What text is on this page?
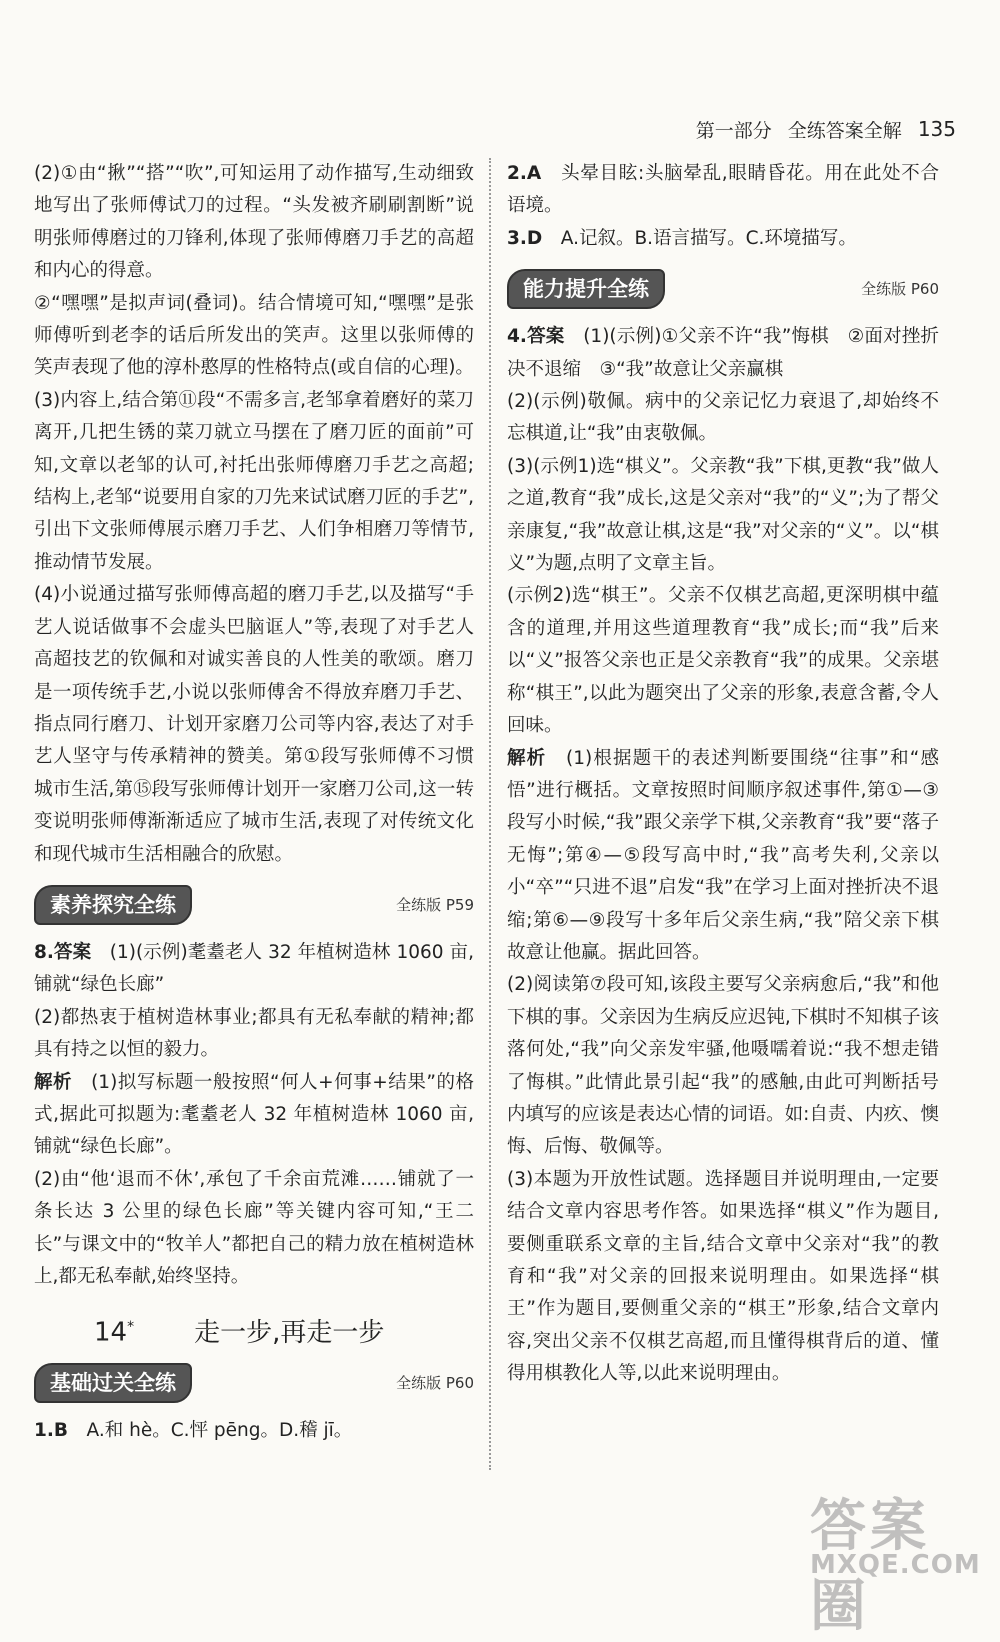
第一部分 全练答案全解 135

(2)①由“揪”“搭”“吹”,可知运用了动作描写,生动细致地写出了张师傅试刀的过程。“头发被齐刷刷割断”说明张师傅磨过的刀锋利,体现了张师傅磨刀手艺的高超和内心的得意。

②“嘿嘿”是拟声词(叠词)。结合情境可知,“嘿嘿”是张师傅听到老李的话后所发出的笑声。这里以张师傅的笑声表现了他的淳朴憨厚的性格特点(或自信的心理)。

(3)内容上,结合第⑪段“不需多言,老邹拿着磨好的菜刀离开,几把生锈的菜刀就立马摆在了磨刀匠的面前”可知,文章以老邹的认可,衬托出张师傅磨刀手艺之高超;结构上,老邹“说要用自家的刀先来试试磨刀匠的手艺”,引出下文张师傅展示磨刀手艺、人们争相磨刀等情节,推动情节发展。

(4)小说通过描写张师傅高超的磨刀手艺,以及描写“手艺人说话做事不会虚头巴脑诓人”等,表现了对手艺人高超技艺的钦佩和对诚实善良的人性美的歌颂。磨刀是一项传统手艺,小说以张师傅舍不得放弃磨刀手艺、指点同行磨刀、计划开家磨刀公司等内容,表达了对手艺人坚守与传承精神的赞美。第①段写张师傅不习惯城市生活,第⑮段写张师傅计划开一家磨刀公司,这一转变说明张师傅渐渐适应了城市生活,表现了对传统文化和现代城市生活相融合的欣慰。

素养探究全练	全练版 P59

8.答案　 (1)(示例)耄耋老人 32 年植树造林 1060 亩,铺就“绿色长廊”

(2)都热衷于植树造林事业;都具有无私奉献的精神;都具有持之以恒的毅力。

解析　 (1)拟写标题一般按照“何人+何事+结果”的格式,据此可拟题为:耄耋老人 32 年植树造林 1060 亩,铺就“绿色长廊”。

(2)由“他‘退而不休’,承包了千余亩荒滩……铺就了一条长达 3 公里的绿色长廊”等关键内容可知,“王二长”与课文中的“牧羊人”都把自己的精力放在植树造林上,都无私奉献,始终坚持。

14* 走一步,再走一步
基础过关全练	全练版 P60

1.B　 A.和 hè。C.怦 pēng。D.稽 jī。

2.A　 头晕目眩:头脑晕乱,眼睛昏花。用在此处不合语境。

3.D　 A.记叙。B.语言描写。C.环境描写。

能力提升全练	全练版 P60

4.答案　 (1)(示例)①父亲不许“我”悔棋　②面对挫折决不退缩　③“我”故意让父亲赢棋

(2)(示例)敬佩。病中的父亲记忆力衰退了,却始终不忘棋道,让“我”由衷敬佩。

(3)(示例1)选“棋义”。父亲教“我”下棋,更教“我”做人之道,教育“我”成长,这是父亲对“我”的“义”;为了帮父亲康复,“我”故意让棋,这是“我”对父亲的“义”。以“棋义”为题,点明了文章主旨。

(示例2)选“棋王”。父亲不仅棋艺高超,更深明棋中蕴含的道理,并用这些道理教育“我”成长;而“我”后来以“义”报答父亲也正是父亲教育“我”的成果。父亲堪称“棋王”,以此为题突出了父亲的形象,表意含蓄,令人回味。

解析　 (1)根据题干的表述判断要围绕“往事”和“感悟”进行概括。文章按照时间顺序叙述事件,第①—③段写小时候,“我”跟父亲学下棋,父亲教育“我”要“落子无悔”;第④—⑤段写高中时,“我”高考失利,父亲以小“卒”“只进不退”启发“我”在学习上面对挫折决不退缩;第⑥—⑨段写十多年后父亲生病,“我”陪父亲下棋故意让他赢。据此回答。

(2)阅读第⑦段可知,该段主要写父亲病愈后,“我”和他下棋的事。父亲因为生病反应迟钝,下棋时不知棋子该落何处,“我”向父亲发牢骚,他嗫嚅着说:“我不想走错了悔棋。”此情此景引起“我”的感触,由此可判断括号内填写的应该是表达心情的词语。如:自责、内疚、懊悔、后悔、敬佩等。

(3)本题为开放性试题。选择题目并说明理由,一定要结合文章内容思考作答。如果选择“棋义”作为题目,要侧重联系文章的主旨,结合文章中父亲对“我”的教育和“我”对父亲的回报来说明理由。如果选择“棋王”作为题目,要侧重父亲的“棋王”形象,结合文章内容,突出父亲不仅棋艺高超,而且懂得棋背后的道、懂得用棋教化人等,以此来说明理由。

答案圈
MXQE.COM
